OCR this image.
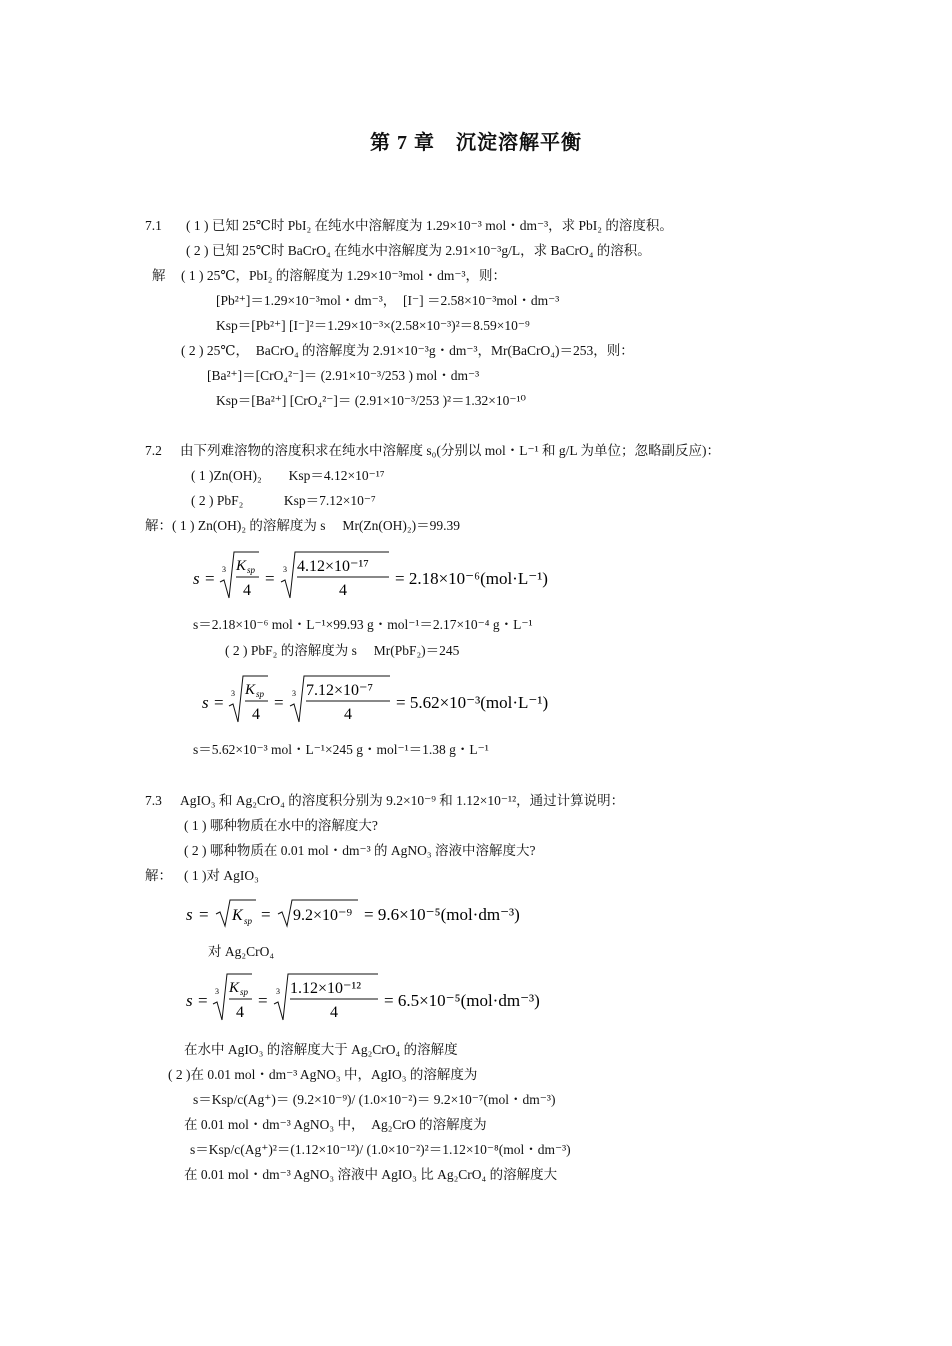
第 7 章　沉淀溶解平衡
7.1 ( 1 ) 已知 25℃时 PbI₂ 在纯水中溶解度为 1.29×10⁻³ mol・dm⁻³，求 PbI₂ 的溶度积。
( 2 ) 已知 25℃时 BaCrO₄ 在纯水中溶解度为 2.91×10⁻³g/L，求 BaCrO₄ 的溶积。
解 ( 1 ) 25℃，PbI₂ 的溶解度为 1.29×10⁻³mol・dm⁻³，则：
[Pb²⁺]＝1.29×10⁻³mol・dm⁻³，　[I⁻] ＝2.58×10⁻³mol・dm⁻³
Ksp＝[Pb²⁺] [I⁻]²＝1.29×10⁻³×(2.58×10⁻³)²＝8.59×10⁻⁹
( 2 ) 25℃，　BaCrO₄ 的溶解度为 2.91×10⁻³g・dm⁻³，Mr(BaCrO₄)＝253，则：
[Ba²⁺]＝[CrO₄²⁻]＝ (2.91×10⁻³/253 ) mol・dm⁻³
Ksp＝[Ba²⁺] [CrO₄²⁻]＝ (2.91×10⁻³/253 )²＝1.32×10⁻¹⁰
7.2 由下列难溶物的溶度积求在纯水中溶解度 s₀(分别以 mol・L⁻¹ 和 g/L 为单位；忽略副反应)：
( 1 )Zn(OH)₂　　Ksp＝4.12×10⁻¹⁷
( 2 ) PbF₂　　　Ksp＝7.12×10⁻⁷
解：( 1 ) Zn(OH)₂ 的溶解度为 s　 Mr(Zn(OH)₂)＝99.39
s = 3 K sp
4
= 3 4.12×10⁻¹⁷
4
= 2.18×10⁻⁶(mol·L⁻¹)
s＝2.18×10⁻⁶ mol・L⁻¹×99.93 g・mol⁻¹＝2.17×10⁻⁴ g・L⁻¹
( 2 ) PbF₂ 的溶解度为 s　 Mr(PbF₂)＝245
s = 3 K sp
4
= 3 7.12×10⁻⁷
4
= 5.62×10⁻³(mol·L⁻¹)
s＝5.62×10⁻³ mol・L⁻¹×245 g・mol⁻¹＝1.38 g・L⁻¹
7.3 AgIO₃ 和 Ag₂CrO₄ 的溶度积分别为 9.2×10⁻⁹ 和 1.12×10⁻¹²，通过计算说明：
( 1 ) 哪种物质在水中的溶解度大?
( 2 ) 哪种物质在 0.01 mol・dm⁻³ 的 AgNO₃ 溶液中溶解度大?
解： ( 1 )对 AgIO₃
s = K sp = 9.2×10⁻⁹ = 9.6×10⁻⁵(mol·dm⁻³)
对 Ag₂CrO₄
s = 3 K sp
4
= 3 1.12×10⁻¹²
4
= 6.5×10⁻⁵(mol·dm⁻³)
在水中 AgIO₃ 的溶解度大于 Ag₂CrO₄ 的溶解度
( 2 )在 0.01 mol・dm⁻³ AgNO₃ 中，AgIO₃ 的溶解度为
s＝Ksp/c(Ag⁺)＝ (9.2×10⁻⁹)/ (1.0×10⁻²)＝ 9.2×10⁻⁷(mol・dm⁻³)
在 0.01 mol・dm⁻³ AgNO₃ 中，　Ag₂CrO 的溶解度为
s＝Ksp/c(Ag⁺)²＝(1.12×10⁻¹²)/ (1.0×10⁻²)²＝1.12×10⁻⁸(mol・dm⁻³)
在 0.01 mol・dm⁻³ AgNO₃ 溶液中 AgIO₃ 比 Ag₂CrO₄ 的溶解度大
